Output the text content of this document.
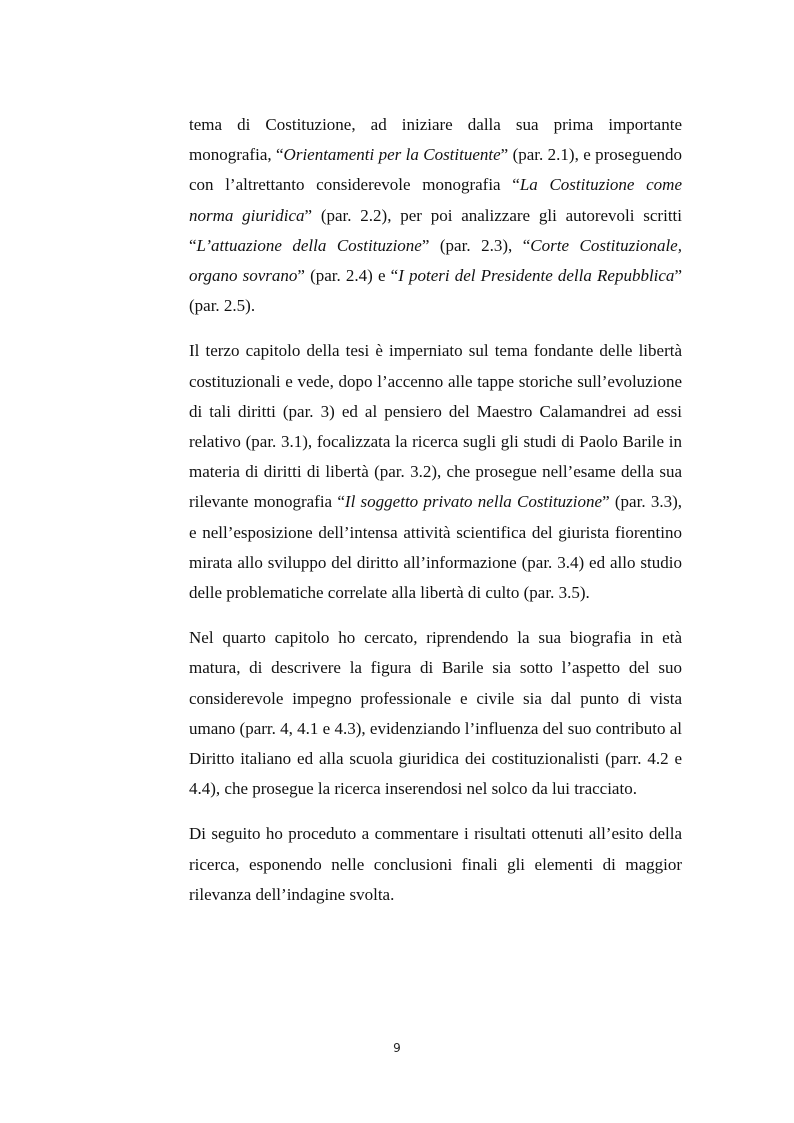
tema di Costituzione, ad iniziare dalla sua prima importante monografia, “Orientamenti per la Costituente” (par. 2.1), e proseguendo con l’altrettanto considerevole monografia “La Costituzione come norma giuridica” (par. 2.2), per poi analizzare gli autorevoli scritti “L’attuazione della Costituzione” (par. 2.3), “Corte Costituzionale, organo sovrano” (par. 2.4) e “I poteri del Presidente della Repubblica” (par. 2.5).

Il terzo capitolo della tesi è imperniato sul tema fondante delle libertà costituzionali e vede, dopo l’accenno alle tappe storiche sull’evoluzione di tali diritti (par. 3) ed al pensiero del Maestro Calamandrei ad essi relativo (par. 3.1), focalizzata la ricerca sugli gli studi di Paolo Barile in materia di diritti di libertà (par. 3.2), che prosegue nell’esame della sua rilevante monografia “Il soggetto privato nella Costituzione” (par. 3.3), e nell’esposizione dell’intensa attività scientifica del giurista fiorentino mirata allo sviluppo del diritto all’informazione (par. 3.4) ed allo studio delle problematiche correlate alla libertà di culto (par. 3.5).

Nel quarto capitolo ho cercato, riprendendo la sua biografia in età matura, di descrivere la figura di Barile sia sotto l’aspetto del suo considerevole impegno professionale e civile sia dal punto di vista umano (parr. 4, 4.1 e 4.3), evidenziando l’influenza del suo contributo al Diritto italiano ed alla scuola giuridica dei costituzionalisti (parr. 4.2 e 4.4), che prosegue la ricerca inserendosi nel solco da lui tracciato.

Di seguito ho proceduto a commentare i risultati ottenuti all’esito della ricerca, esponendo nelle conclusioni finali gli elementi di maggior rilevanza dell’indagine svolta.

9
